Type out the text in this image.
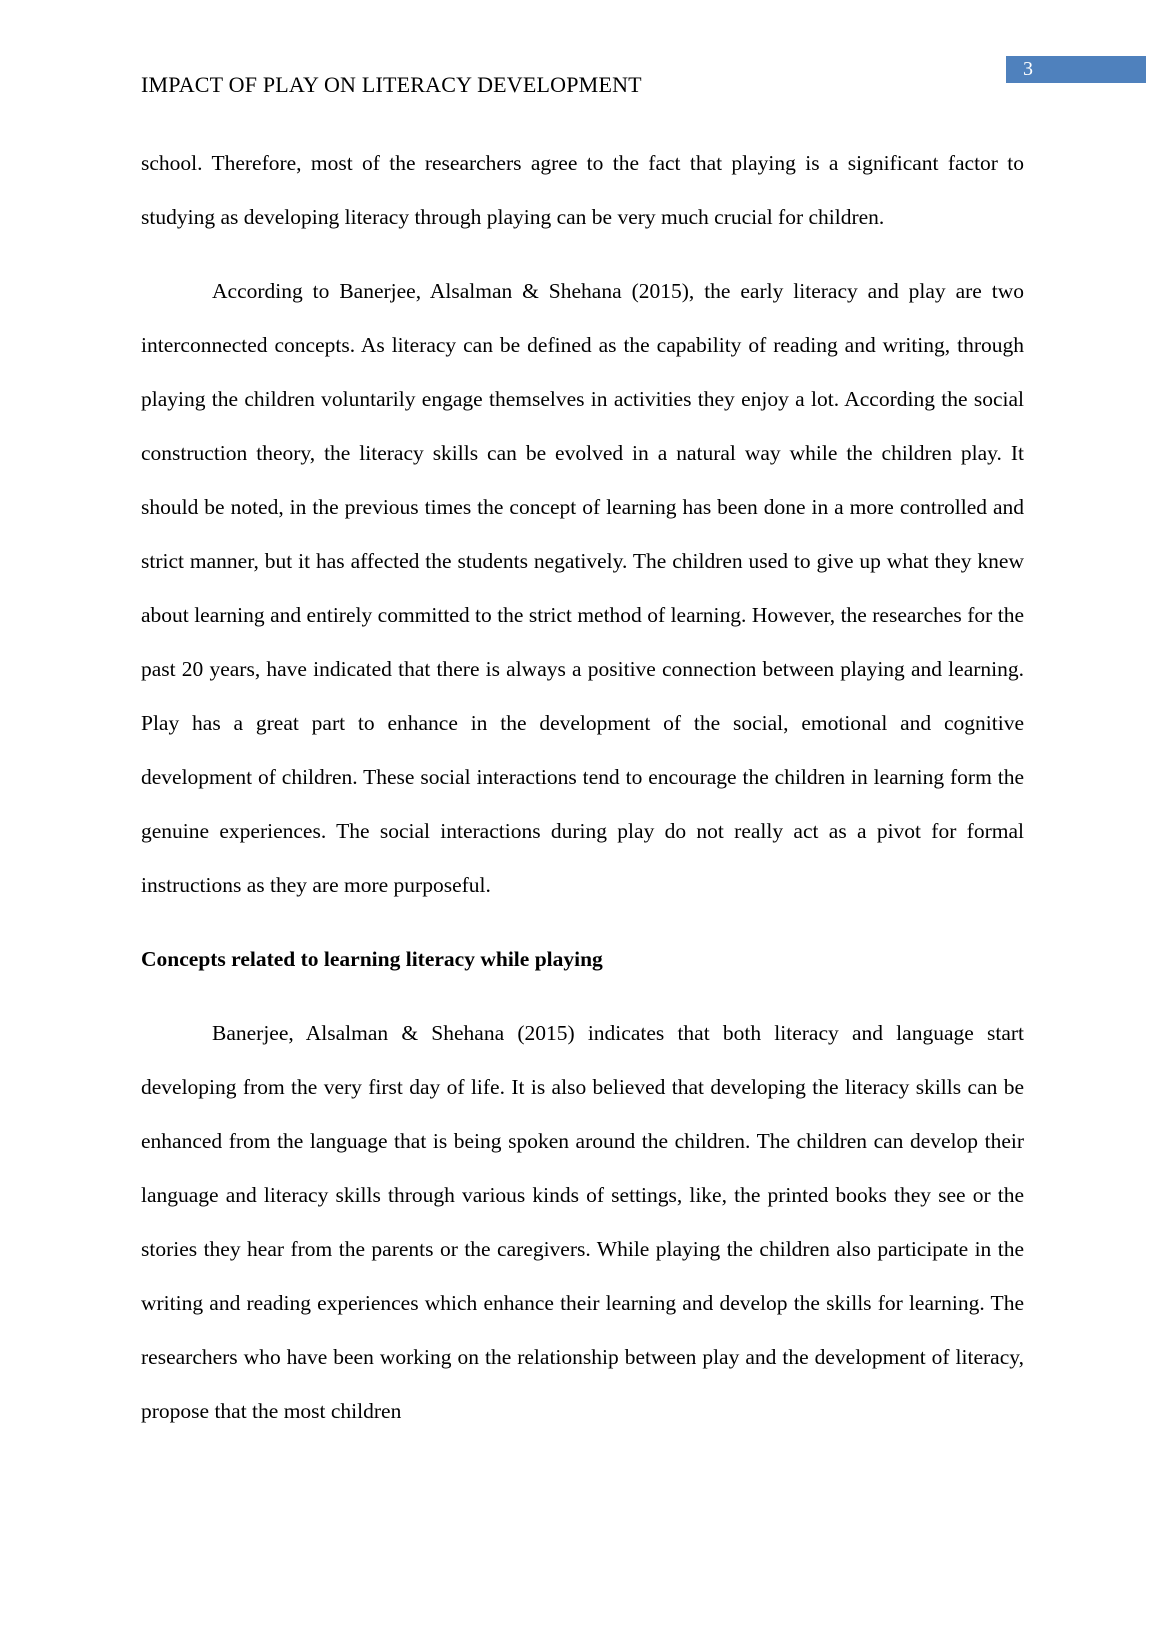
3
IMPACT OF PLAY ON LITERACY DEVELOPMENT

school. Therefore, most of the researchers agree to the fact that playing is a significant factor to studying as developing literacy through playing can be very much crucial for children.

According to Banerjee, Alsalman & Shehana (2015), the early literacy and play are two interconnected concepts. As literacy can be defined as the capability of reading and writing, through playing the children voluntarily engage themselves in activities they enjoy a lot. According the social construction theory, the literacy skills can be evolved in a natural way while the children play. It should be noted, in the previous times the concept of learning has been done in a more controlled and strict manner, but it has affected the students negatively. The children used to give up what they knew about learning and entirely committed to the strict method of learning. However, the researches for the past 20 years, have indicated that there is always a positive connection between playing and learning. Play has a great part to enhance in the development of the social, emotional and cognitive development of children. These social interactions tend to encourage the children in learning form the genuine experiences. The social interactions during play do not really act as a pivot for formal instructions as they are more purposeful.

Concepts related to learning literacy while playing

Banerjee, Alsalman & Shehana (2015) indicates that both literacy and language start developing from the very first day of life. It is also believed that developing the literacy skills can be enhanced from the language that is being spoken around the children. The children can develop their language and literacy skills through various kinds of settings, like, the printed books they see or the stories they hear from the parents or the caregivers. While playing the children also participate in the writing and reading experiences which enhance their learning and develop the skills for learning. The researchers who have been working on the relationship between play and the development of literacy, propose that the most children
